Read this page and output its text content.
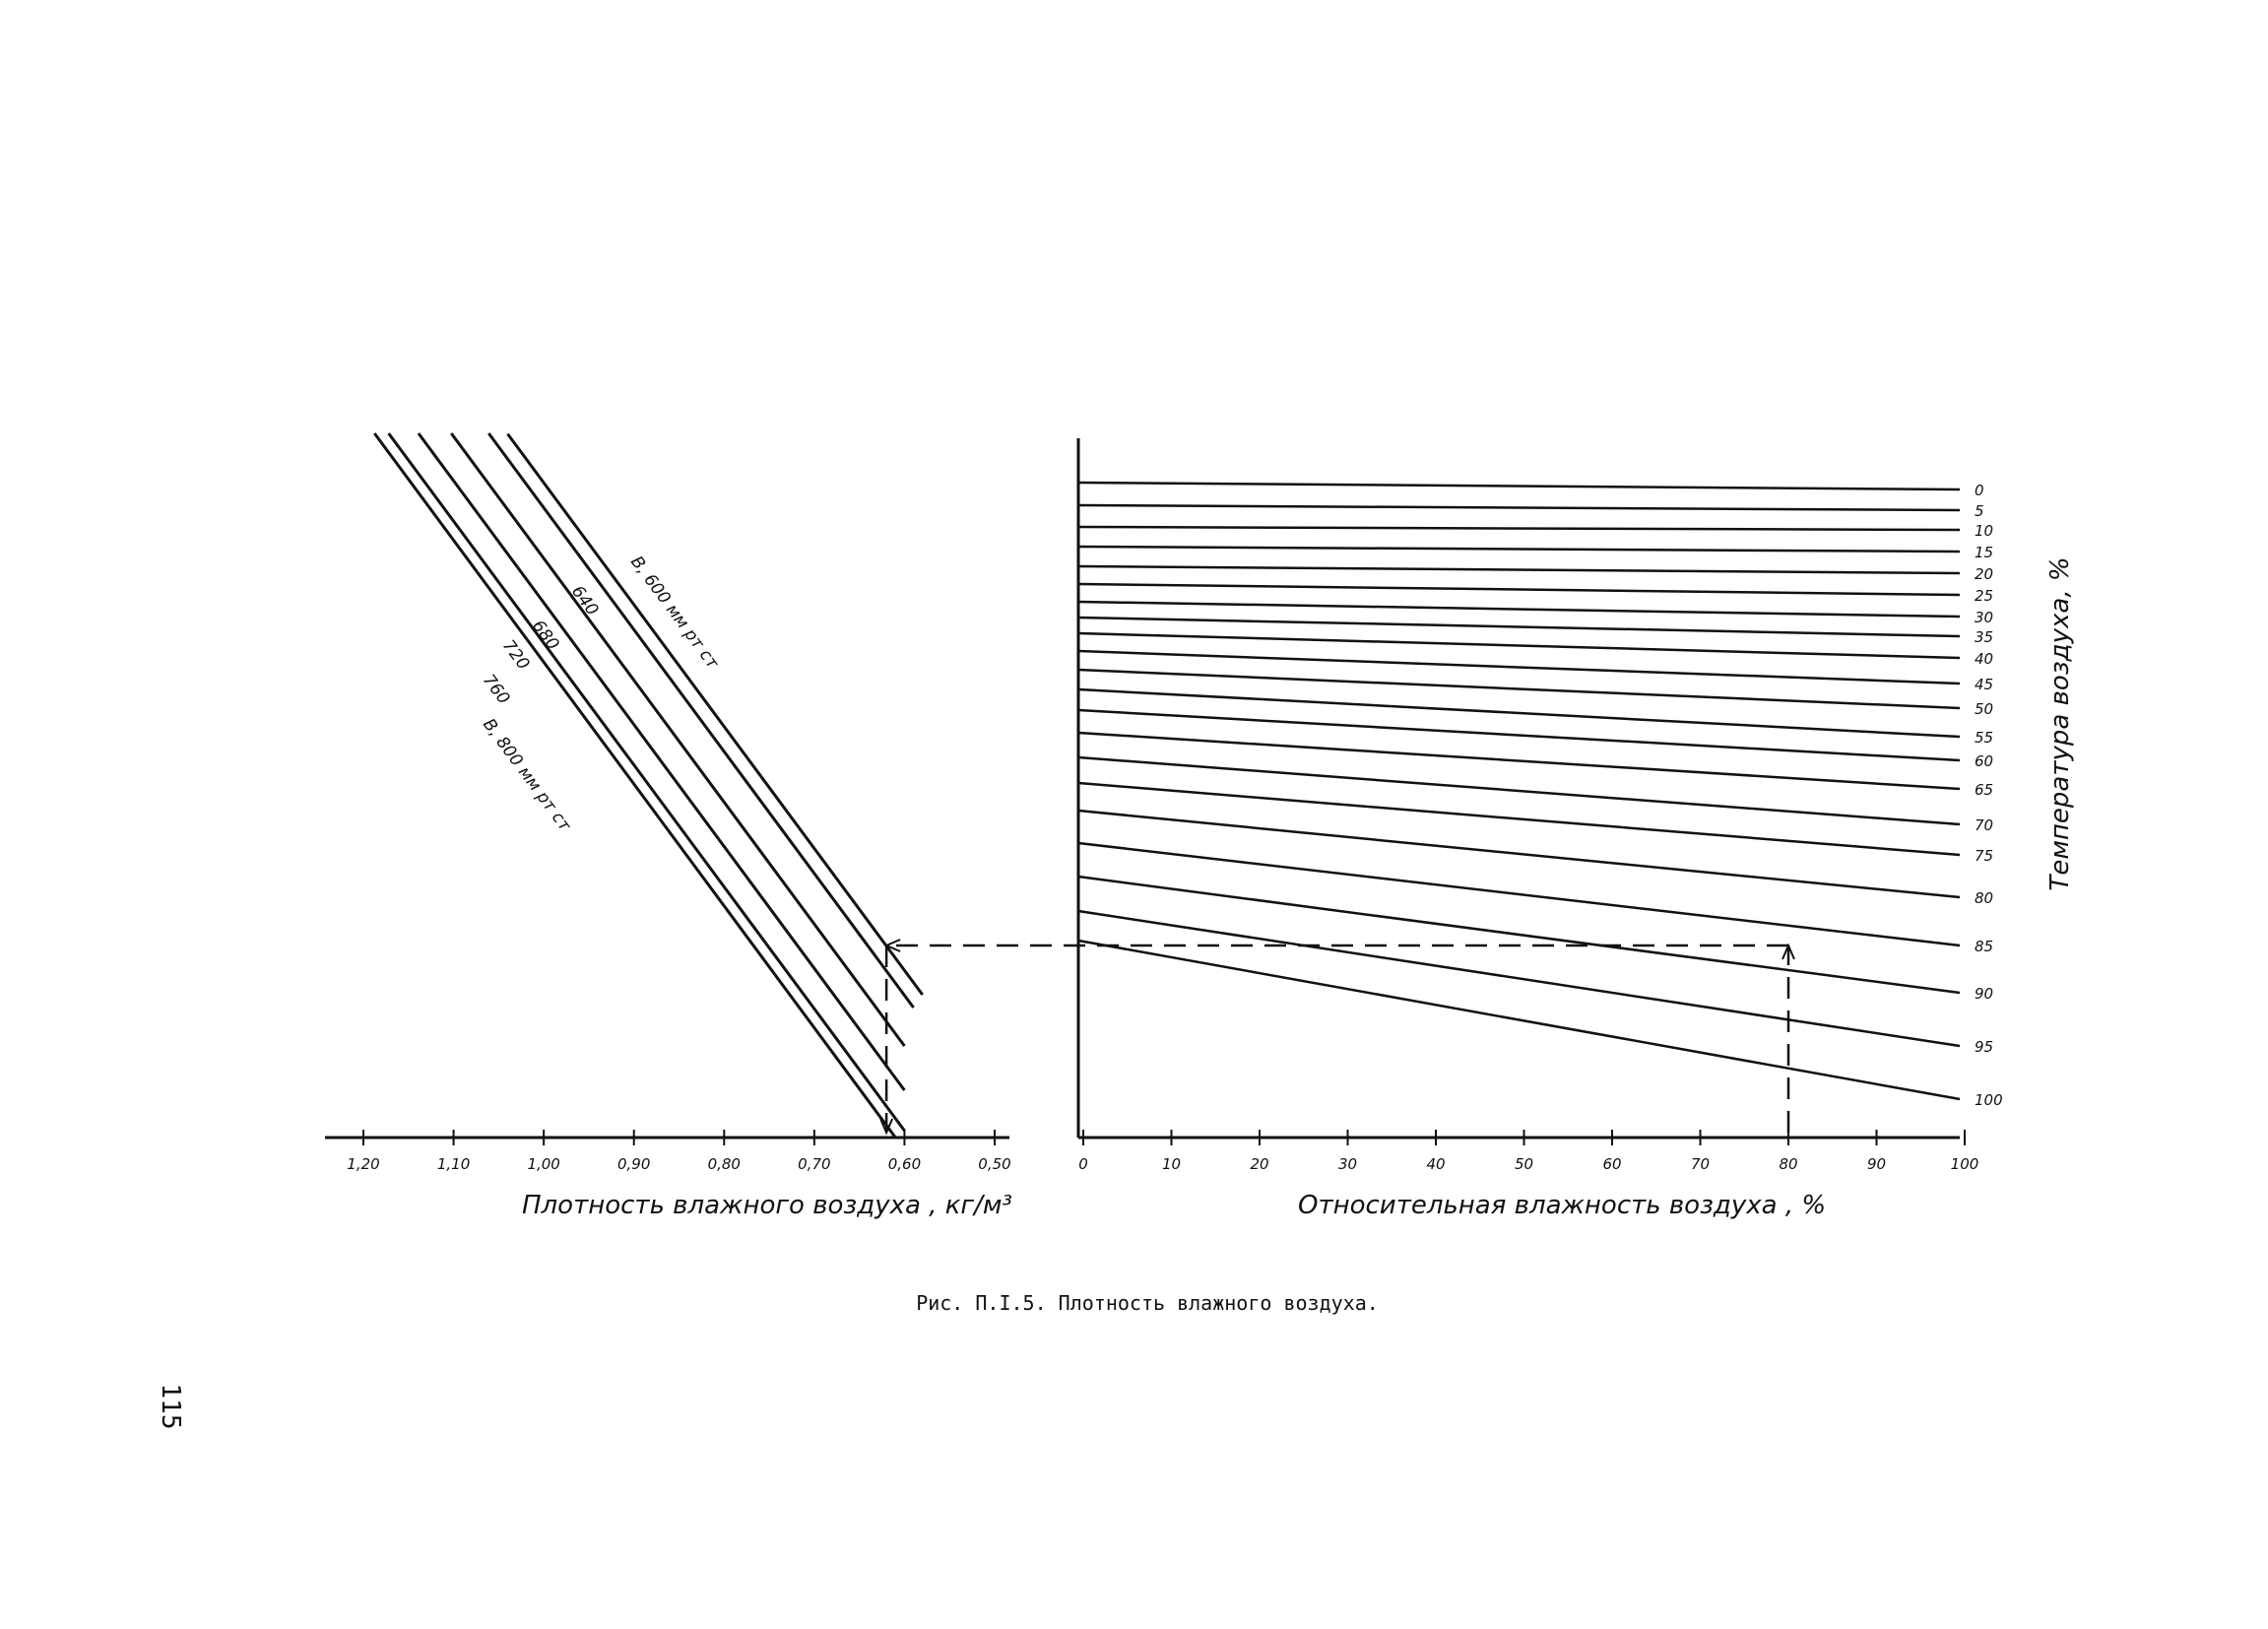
1,20	1,10	1,00	0,90	0,80	0,70	0,60	0,50
В, 600 мм рт ст
640
680
720
760
В, 800 мм рт ст
Плотность влажного воздуха , кг/м³
0	10	20	30	40	50	60	70	80	90	100
0
5
10
15
20
25
30
35
40
45
50
55
60
65
70
75
80
85
90
95
100
Относительная влажность воздуха , %
Температура воздуха, %
Рис. П.I.5. Плотность влажного воздуха.
115
